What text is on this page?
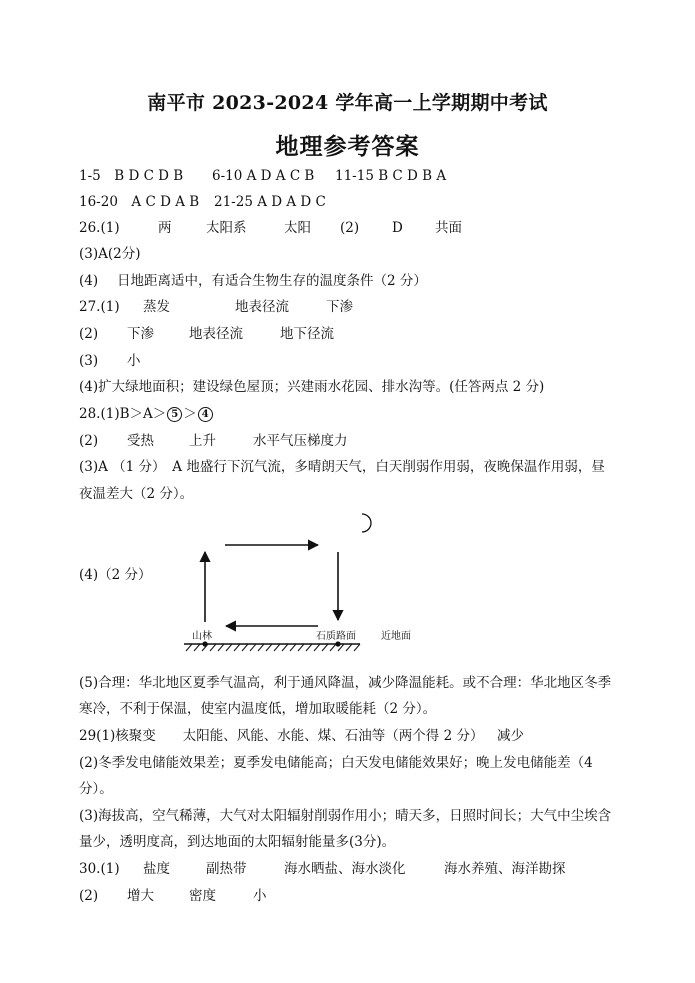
南平市 2023-2024 学年高一上学期期中考试
地理参考答案
1-5　B D C D B 6-10 A D A C B 11-15 B C D B A
16-20　A C D A B 21-25 A D A D C
26.(1)	两	太阳系	太阳 (2) D 共面
(3)A(2分)
(4) 日地距离适中，有适合生物生存的温度条件（2 分）
27.(1) 蒸发	地表径流	下渗
(2) 下渗	地表径流	地下径流
(3) 小
(4)扩大绿地面积；建设绿色屋顶；兴建雨水花园、排水沟等。(任答两点 2 分)
28.(1)B＞A＞ 5 ＞ 4
(2) 受热	上升	水平气压梯度力
(3)A （1 分）　A 地盛行下沉气流，多晴朗天气，白天削弱作用弱，夜晚保温作用弱，昼
夜温差大（2 分）。
(4)（2 分）
山林	石质路面	近地面
(5)合理：华北地区夏季气温高，利于通风降温，减少降温能耗。或不合理：华北地区冬季
寒冷，不利于保温，使室内温度低，增加取暖能耗（2 分）。
29(1)核聚变　　太阳能、风能、水能、煤、石油等（两个得 2 分） 减少
(2)冬季发电储能效果差；夏季发电储能高；白天发电储能效果好；晚上发电储能差（4
分）。
(3)海拔高，空气稀薄，大气对太阳辐射削弱作用小；晴天多，日照时间长；大气中尘埃含
量少，透明度高，到达地面的太阳辐射能量多(3分)。
30.(1) 盐度	副热带	海水晒盐、海水淡化	海水养殖、海洋勘探
(2) 增大	密度	小
